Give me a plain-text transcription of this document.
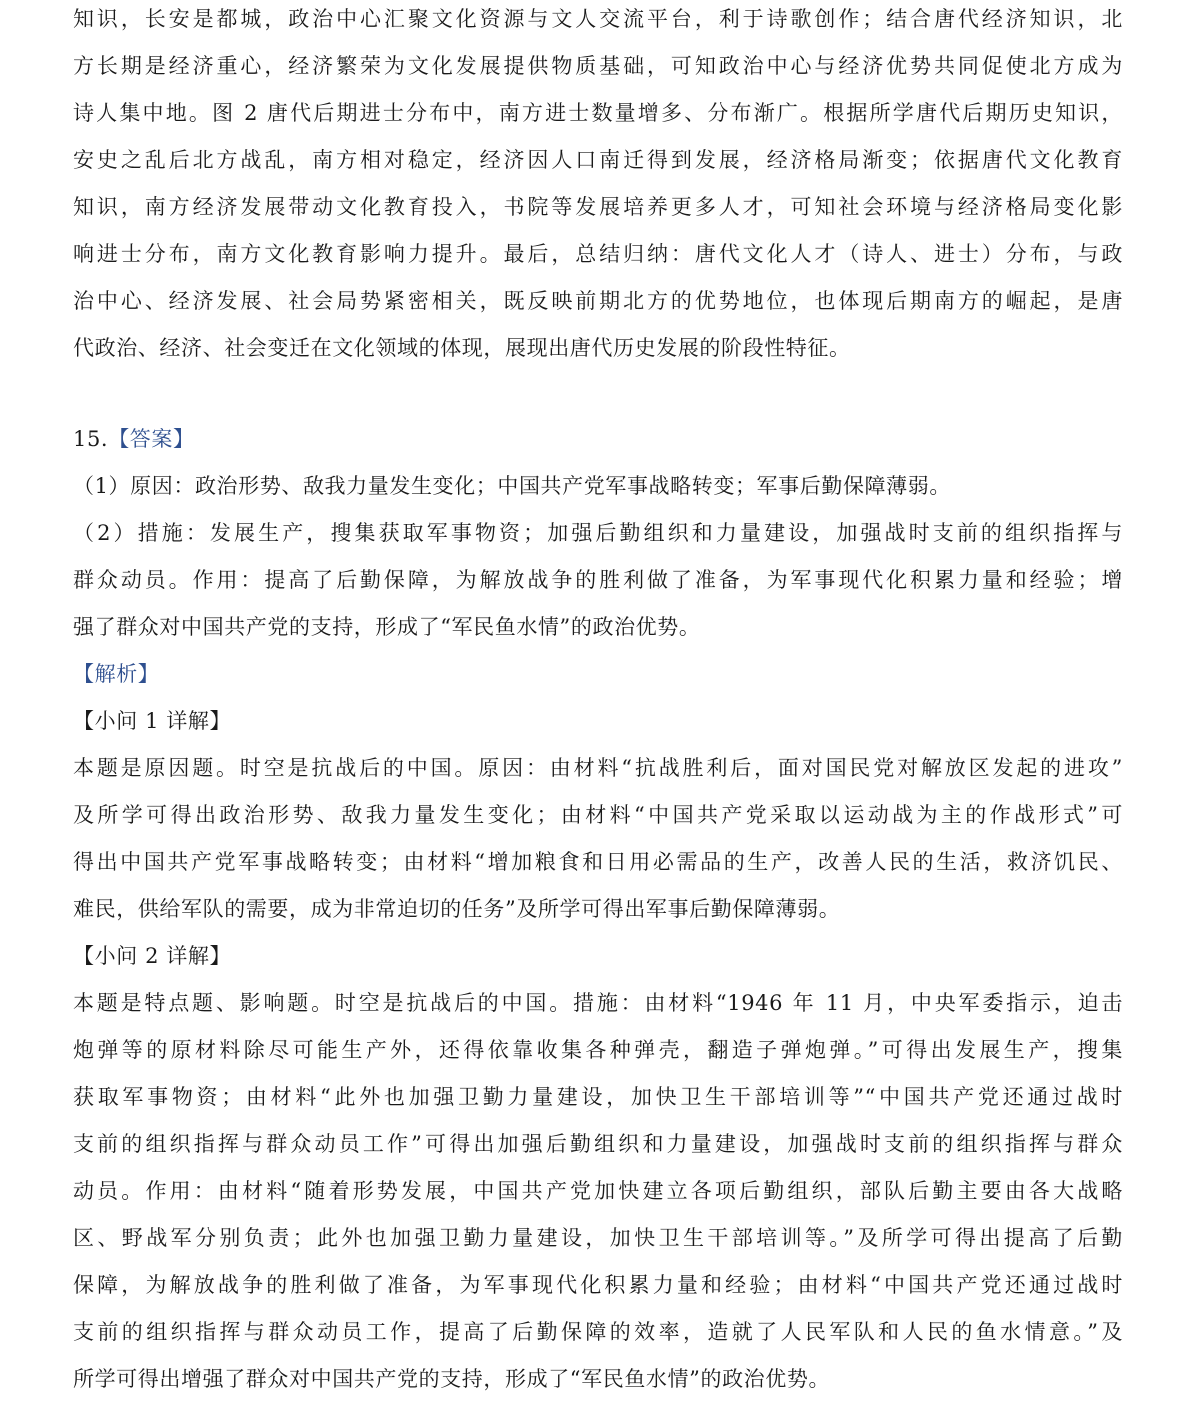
知识，长安是都城，政治中心汇聚文化资源与文人交流平台，利于诗歌创作；结合唐代经济知识，北
方长期是经济重心，经济繁荣为文化发展提供物质基础，可知政治中心与经济优势共同促使北方成为
诗人集中地。图 2 唐代后期进士分布中，南方进士数量增多、分布渐广。根据所学唐代后期历史知识，
安史之乱后北方战乱，南方相对稳定，经济因人口南迁得到发展，经济格局渐变；依据唐代文化教育
知识，南方经济发展带动文化教育投入，书院等发展培养更多人才，可知社会环境与经济格局变化影
响进士分布，南方文化教育影响力提升。最后，总结归纳：唐代文化人才（诗人、进士）分布，与政
治中心、经济发展、社会局势紧密相关，既反映前期北方的优势地位，也体现后期南方的崛起，是唐
代政治、经济、社会变迁在文化领域的体现，展现出唐代历史发展的阶段性特征。
15.【答案】
（1）原因：政治形势、敌我力量发生变化；中国共产党军事战略转变；军事后勤保障薄弱。
（2）措施：发展生产，搜集获取军事物资；加强后勤组织和力量建设，加强战时支前的组织指挥与
群众动员。作用：提高了后勤保障，为解放战争的胜利做了准备，为军事现代化积累力量和经验；增
强了群众对中国共产党的支持，形成了“军民鱼水情”的政治优势。
【解析】
【小问 1 详解】
本题是原因题。时空是抗战后的中国。原因：由材料“抗战胜利后，面对国民党对解放区发起的进攻”
及所学可得出政治形势、敌我力量发生变化；由材料“中国共产党采取以运动战为主的作战形式”可
得出中国共产党军事战略转变；由材料“增加粮食和日用必需品的生产，改善人民的生活，救济饥民、
难民，供给军队的需要，成为非常迫切的任务”及所学可得出军事后勤保障薄弱。
【小问 2 详解】
本题是特点题、影响题。时空是抗战后的中国。措施：由材料“1946 年 11 月，中央军委指示，迫击
炮弹等的原材料除尽可能生产外，还得依靠收集各种弹壳，翻造子弹炮弹。”可得出发展生产，搜集
获取军事物资；由材料“此外也加强卫勤力量建设，加快卫生干部培训等”“中国共产党还通过战时
支前的组织指挥与群众动员工作”可得出加强后勤组织和力量建设，加强战时支前的组织指挥与群众
动员。作用：由材料“随着形势发展，中国共产党加快建立各项后勤组织，部队后勤主要由各大战略
区、野战军分别负责；此外也加强卫勤力量建设，加快卫生干部培训等。”及所学可得出提高了后勤
保障，为解放战争的胜利做了准备，为军事现代化积累力量和经验；由材料“中国共产党还通过战时
支前的组织指挥与群众动员工作，提高了后勤保障的效率，造就了人民军队和人民的鱼水情意。”及
所学可得出增强了群众对中国共产党的支持，形成了“军民鱼水情”的政治优势。
